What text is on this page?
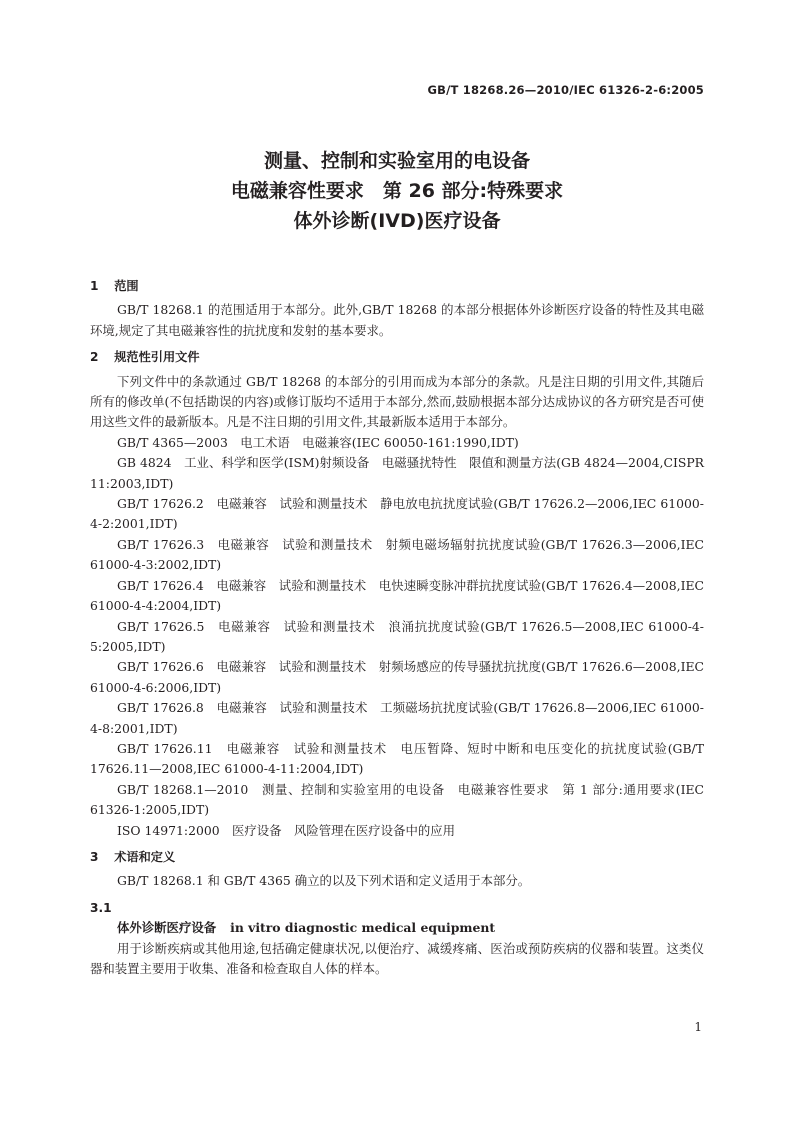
GB/T 18268.26—2010/IEC 61326-2-6:2005
测量、控制和实验室用的电设备
电磁兼容性要求　第 26 部分:特殊要求
体外诊断(IVD)医疗设备
1 范围
GB/T 18268.1 的范围适用于本部分。此外,GB/T 18268 的本部分根据体外诊断医疗设备的特性及其电磁环境,规定了其电磁兼容性的抗扰度和发射的基本要求。
2 规范性引用文件
下列文件中的条款通过 GB/T 18268 的本部分的引用而成为本部分的条款。凡是注日期的引用文件,其随后所有的修改单(不包括勘误的内容)或修订版均不适用于本部分,然而,鼓励根据本部分达成协议的各方研究是否可使用这些文件的最新版本。凡是不注日期的引用文件,其最新版本适用于本部分。
GB/T 4365—2003　电工术语　电磁兼容(IEC 60050-161:1990,IDT)
GB 4824　工业、科学和医学(ISM)射频设备　电磁骚扰特性　限值和测量方法(GB 4824—2004,CISPR 11:2003,IDT)
GB/T 17626.2　电磁兼容　试验和测量技术　静电放电抗扰度试验(GB/T 17626.2—2006,IEC 61000-4-2:2001,IDT)
GB/T 17626.3　电磁兼容　试验和测量技术　射频电磁场辐射抗扰度试验(GB/T 17626.3—2006,IEC 61000-4-3:2002,IDT)
GB/T 17626.4　电磁兼容　试验和测量技术　电快速瞬变脉冲群抗扰度试验(GB/T 17626.4—2008,IEC 61000-4-4:2004,IDT)
GB/T 17626.5　电磁兼容　试验和测量技术　浪涌抗扰度试验(GB/T 17626.5—2008,IEC 61000-4-5:2005,IDT)
GB/T 17626.6　电磁兼容　试验和测量技术　射频场感应的传导骚扰抗扰度(GB/T 17626.6—2008,IEC 61000-4-6:2006,IDT)
GB/T 17626.8　电磁兼容　试验和测量技术　工频磁场抗扰度试验(GB/T 17626.8—2006,IEC 61000-4-8:2001,IDT)
GB/T 17626.11　电磁兼容　试验和测量技术　电压暂降、短时中断和电压变化的抗扰度试验(GB/T 17626.11—2008,IEC 61000-4-11:2004,IDT)
GB/T 18268.1—2010　测量、控制和实验室用的电设备　电磁兼容性要求　第 1 部分:通用要求(IEC 61326-1:2005,IDT)
ISO 14971:2000　医疗设备　风险管理在医疗设备中的应用
3 术语和定义
GB/T 18268.1 和 GB/T 4365 确立的以及下列术语和定义适用于本部分。
3.1
体外诊断医疗设备 in vitro diagnostic medical equipment
用于诊断疾病或其他用途,包括确定健康状况,以便治疗、减缓疼痛、医治或预防疾病的仪器和装置。这类仪器和装置主要用于收集、准备和检查取自人体的样本。
1
